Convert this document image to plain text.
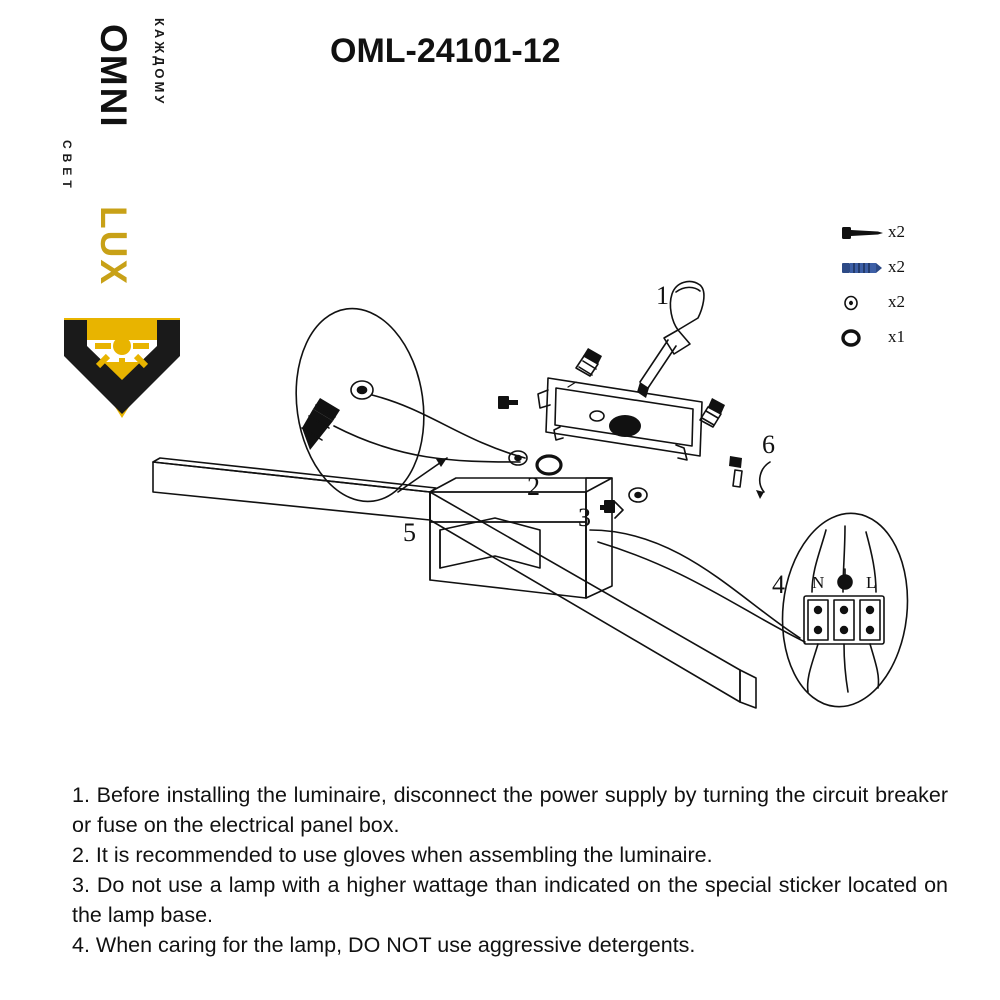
КАЖДОМУ
OMNI
LUX
СВЕТ
OML-24101-12
x2
x2
x2
x1
N L
1
2
3
4
5
6

1. Before installing the luminaire, disconnect the power supply by turning the circuit breaker or fuse on the electrical panel box.

2. It is recommended to use gloves when assembling the luminaire.

3. Do not use a lamp with a higher wattage than indicated on the special sticker located on the lamp base.

4. When caring for the lamp, DO NOT use aggressive detergents.
